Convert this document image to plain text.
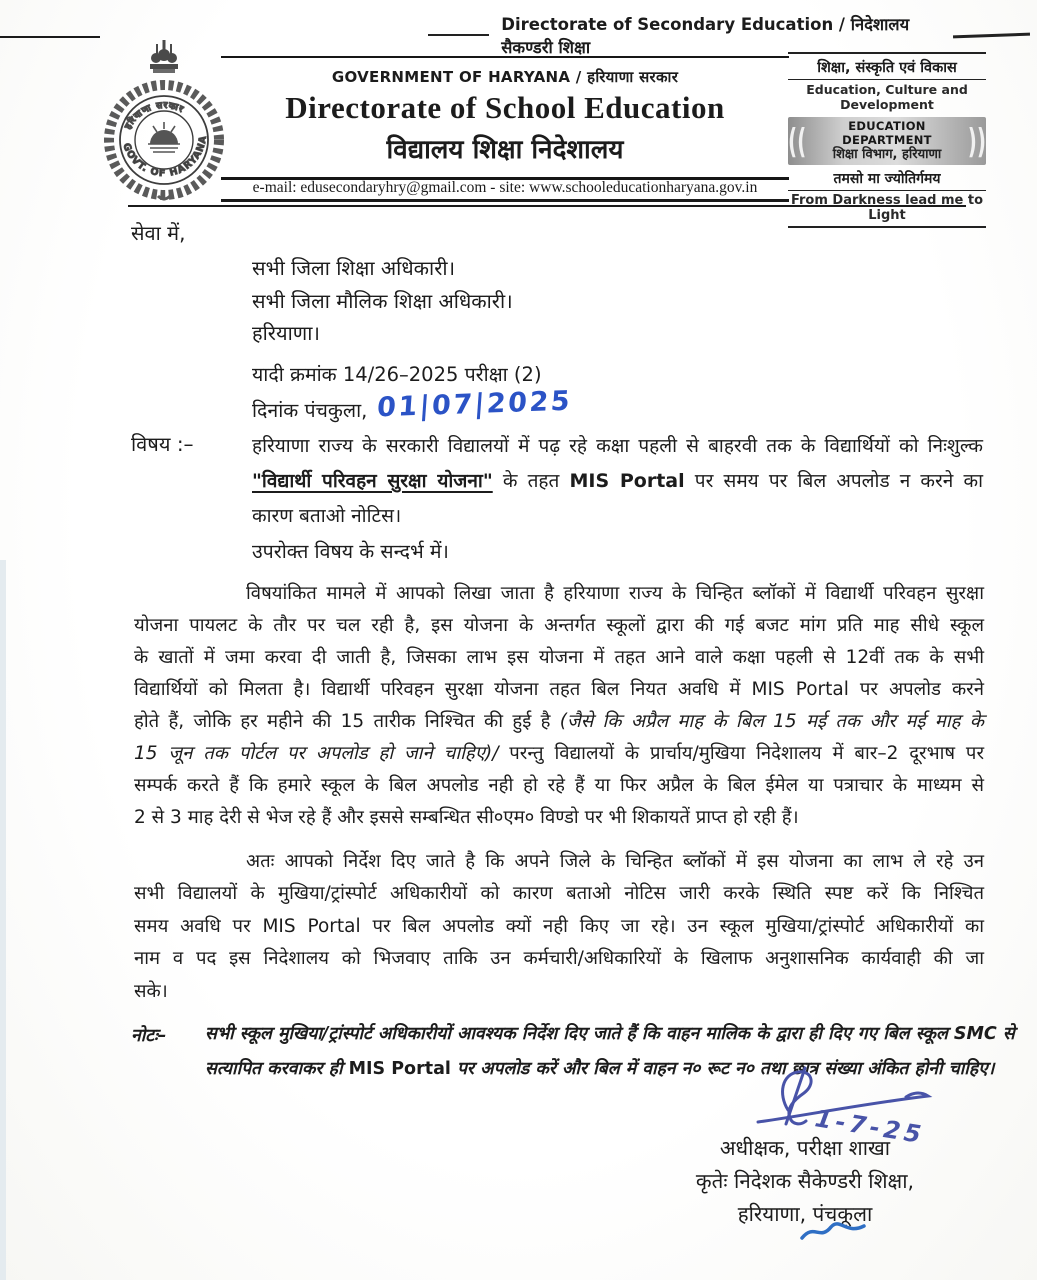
Directorate of Secondary Education / निदेशालय सैकण्डरी शिक्षा
हरियाणा सरकार
GOVT. OF HARYANA
GOVERNMENT OF HARYANA / हरियाणा सरकार
Directorate of School Education
विद्यालय शिक्षा निदेशालय
e-mail: edusecondaryhry@gmail.com - site: www.schooleducationharyana.gov.in
शिक्षा, संस्कृति एवं विकास
Education, Culture and Development
((	EDUCATION DEPARTMENT
शिक्षा विभाग, हरियाणा	))
तमसो मा ज्योतिर्गमय
From Darkness lead me to Light
सेवा में,
सभी जिला शिक्षा अधिकारी।
सभी जिला मौलिक शिक्षा अधिकारी।
हरियाणा।
यादी क्रमांक 14/26–2025 परीक्षा (2)
दिनांक पंचकुला, 01|07|2025
विषय :–	हरियाणा राज्य के सरकारी विद्यालयों में पढ़ रहे कक्षा पहली से बाहरवी तक के विद्यार्थियों को निःशुल्क
"विद्यार्थी परिवहन सुरक्षा योजना" के तहत MIS Portal पर समय पर बिल अपलोड न करने का
कारण बताओ नोटिस।
उपरोक्त विषय के सन्दर्भ में।
विषयांकित मामले में आपको लिखा जाता है हरियाणा राज्य के चिन्हित ब्लॉकों में विद्यार्थी परिवहन सुरक्षा
योजना पायलट के तौर पर चल रही है, इस योजना के अन्तर्गत स्कूलों द्वारा की गई बजट मांग प्रति माह सीधे स्कूल
के खातों में जमा करवा दी जाती है, जिसका लाभ इस योजना में तहत आने वाले कक्षा पहली से 12वीं तक के सभी
विद्यार्थियों को मिलता है। विद्यार्थी परिवहन सुरक्षा योजना तहत बिल नियत अवधि में MIS Portal पर अपलोड करने
होते हैं, जोकि हर महीने की 15 तारीक निश्चित की हुई है (जैसे कि अप्रैल माह के बिल 15 मई तक और मई माह के
15 जून तक पोर्टल पर अपलोड हो जाने चाहिए)/ परन्तु विद्यालयों के प्रार्चाय/मुखिया निदेशालय में बार–2 दूरभाष पर
सम्पर्क करते हैं कि हमारे स्कूल के बिल अपलोड नही हो रहे हैं या फिर अप्रैल के बिल ईमेल या पत्राचार के माध्यम से
2 से 3 माह देरी से भेज रहे हैं और इससे सम्बन्धित सी०एम० विण्डो पर भी शिकायतें प्राप्त हो रही हैं।
अतः आपको निर्देश दिए जाते है कि अपने जिले के चिन्हित ब्लॉकों में इस योजना का लाभ ले रहे उन
सभी विद्यालयों के मुखिया/ट्रांस्पोर्ट अधिकारीयों को कारण बताओ नोटिस जारी करके स्थिति स्पष्ट करें कि निश्चित
समय अवधि पर MIS Portal पर बिल अपलोड क्यों नही किए जा रहे। उन स्कूल मुखिया/ट्रांस्पोर्ट अधिकारीयों का
नाम व पद इस निदेशालय को भिजवाए ताकि उन कर्मचारी/अधिकारियों के खिलाफ अनुशासनिक कार्यवाही की जा
सके।
नोटः– सभी स्कूल मुखिया/ट्रांस्पोर्ट अधिकारीयों आवश्यक निर्देश दिए जाते हैं कि वाहन मालिक के द्वारा ही दिए गए बिल स्कूल SMC से
सत्यापित करवाकर ही MIS Portal पर अपलोड करें और बिल में वाहन न० रूट न० तथा छात्र संख्या अंकित होनी चाहिए।
1-7-25
अधीक्षक, परीक्षा शाखा
कृतेः निदेशक सैकेण्डरी शिक्षा,
हरियाणा, पंचकूला
